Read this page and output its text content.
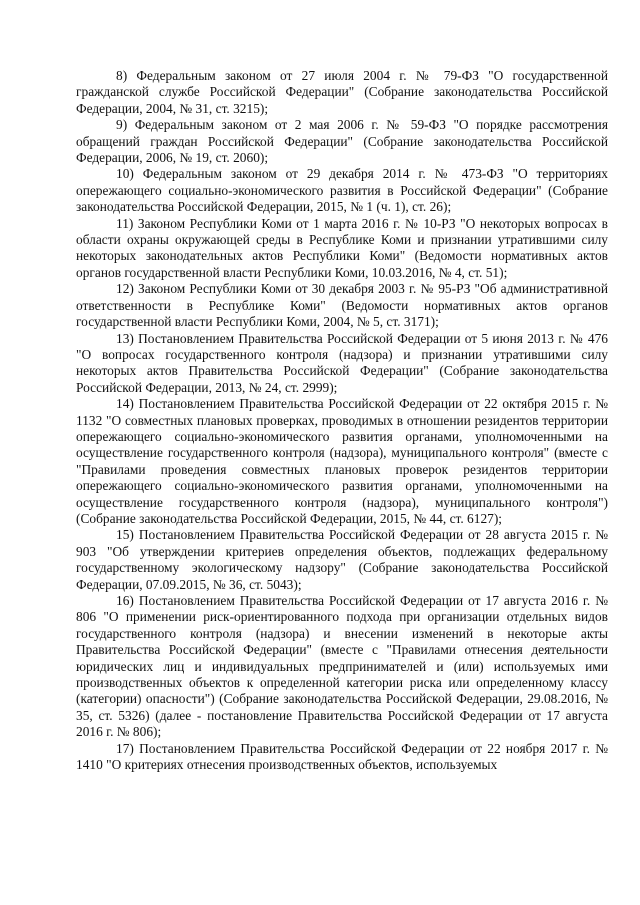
8) Федеральным законом от 27 июля 2004 г. № 79-ФЗ "О государственной гражданской службе Российской Федерации" (Собрание законодательства Российской Федерации, 2004, № 31, ст. 3215);

9) Федеральным законом от 2 мая 2006 г. № 59-ФЗ "О порядке рассмотрения обращений граждан Российской Федерации" (Собрание законодательства Российской Федерации, 2006, № 19, ст. 2060);

10) Федеральным законом от 29 декабря 2014 г. № 473-ФЗ "О территориях опережающего социально-экономического развития в Российской Федерации" (Собрание законодательства Российской Федерации, 2015, № 1 (ч. 1), ст. 26);

11) Законом Республики Коми от 1 марта 2016 г. № 10-РЗ "О некоторых вопросах в области охраны окружающей среды в Республике Коми и признании утратившими силу некоторых законодательных актов Республики Коми" (Ведомости нормативных актов органов государственной власти Республики Коми, 10.03.2016, № 4, ст. 51);

12) Законом Республики Коми от 30 декабря 2003 г. № 95-РЗ "Об административной ответственности в Республике Коми" (Ведомости нормативных актов органов государственной власти Республики Коми, 2004, № 5, ст. 3171);

13) Постановлением Правительства Российской Федерации от 5 июня 2013 г. № 476 "О вопросах государственного контроля (надзора) и признании утратившими силу некоторых актов Правительства Российской Федерации" (Собрание законодательства Российской Федерации, 2013, № 24, ст. 2999);

14) Постановлением Правительства Российской Федерации от 22 октября 2015 г. № 1132 "О совместных плановых проверках, проводимых в отношении резидентов территории опережающего социально-экономического развития органами, уполномоченными на осуществление государственного контроля (надзора), муниципального контроля" (вместе с "Правилами проведения совместных плановых проверок резидентов территории опережающего социально-экономического развития органами, уполномоченными на осуществление государственного контроля (надзора), муниципального контроля") (Собрание законодательства Российской Федерации, 2015, № 44, ст. 6127);

15) Постановлением Правительства Российской Федерации от 28 августа 2015 г. № 903 "Об утверждении критериев определения объектов, подлежащих федеральному государственному экологическому надзору" (Собрание законодательства Российской Федерации, 07.09.2015, № 36, ст. 5043);

16) Постановлением Правительства Российской Федерации от 17 августа 2016 г. № 806 "О применении риск-ориентированного подхода при организации отдельных видов государственного контроля (надзора) и внесении изменений в некоторые акты Правительства Российской Федерации" (вместе с "Правилами отнесения деятельности юридических лиц и индивидуальных предпринимателей и (или) используемых ими производственных объектов к определенной категории риска или определенному классу (категории) опасности") (Собрание законодательства Российской Федерации, 29.08.2016, № 35, ст. 5326) (далее - постановление Правительства Российской Федерации от 17 августа 2016 г. № 806);

17) Постановлением Правительства Российской Федерации от 22 ноября 2017 г. № 1410 "О критериях отнесения производственных объектов, используемых
